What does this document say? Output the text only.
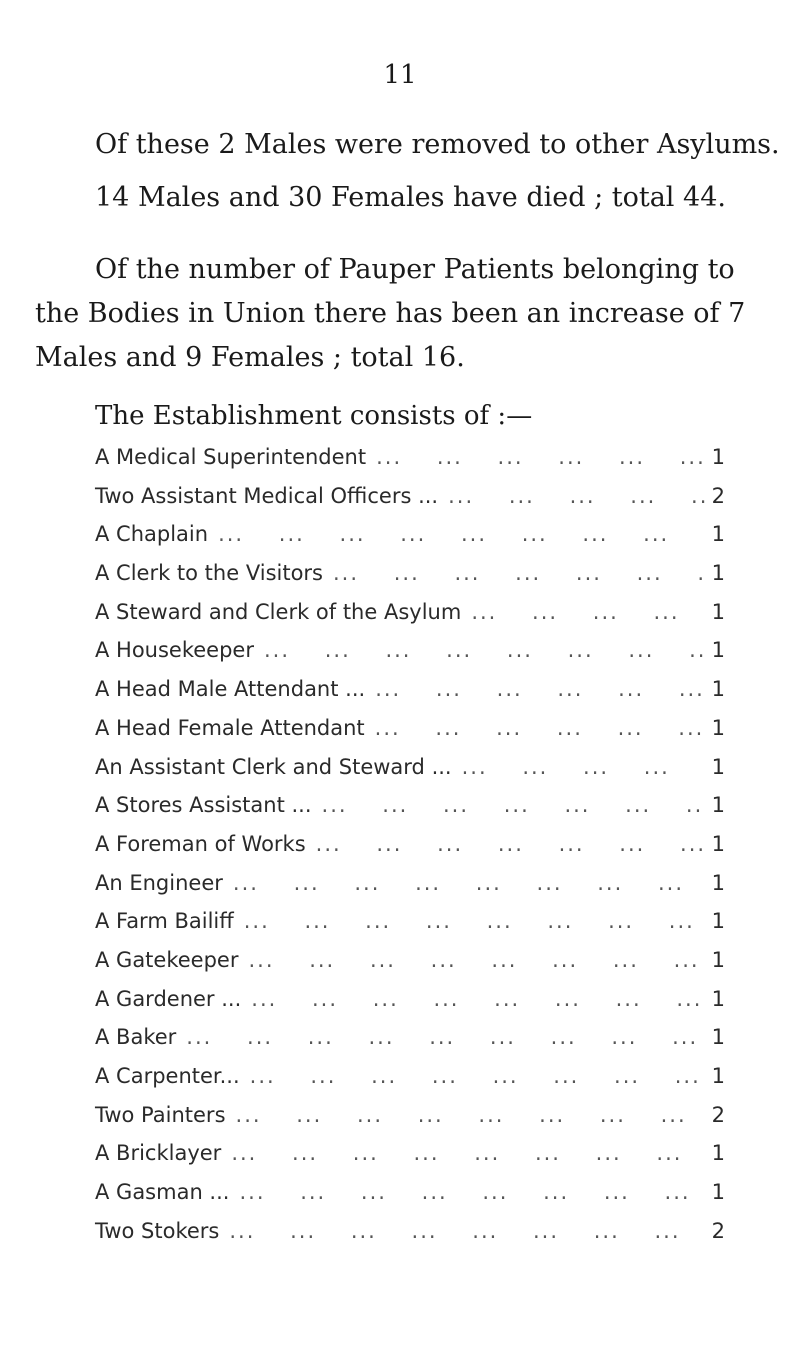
11

Of these 2 Males were removed to other Asylums.

14 Males and 30 Females have died ; total 44.

Of the number of Pauper Patients belonging to the Bodies in Union there has been an increase of 7 Males and 9 Females ; total 16.

The Establishment consists of :—

A Medical Superintendent ...	1
Two Assistant Medical Officers ... ...	2
A Chaplain ...	1
A Clerk to the Visitors ...	1
A Steward and Clerk of the Asylum ...	1
A Housekeeper ...	1
A Head Male Attendant ... ...	1
A Head Female Attendant ...	1
An Assistant Clerk and Steward ... ...	1
A Stores Assistant ... ...	1
A Foreman of Works ...	1
An Engineer ...	1
A Farm Bailiff ...	1
A Gatekeeper ...	1
A Gardener ... ...	1
A Baker ...	1
A Carpenter... ...	1
Two Painters ...	2
A Bricklayer ...	1
A Gasman ... ...	1
Two Stokers ...	2
